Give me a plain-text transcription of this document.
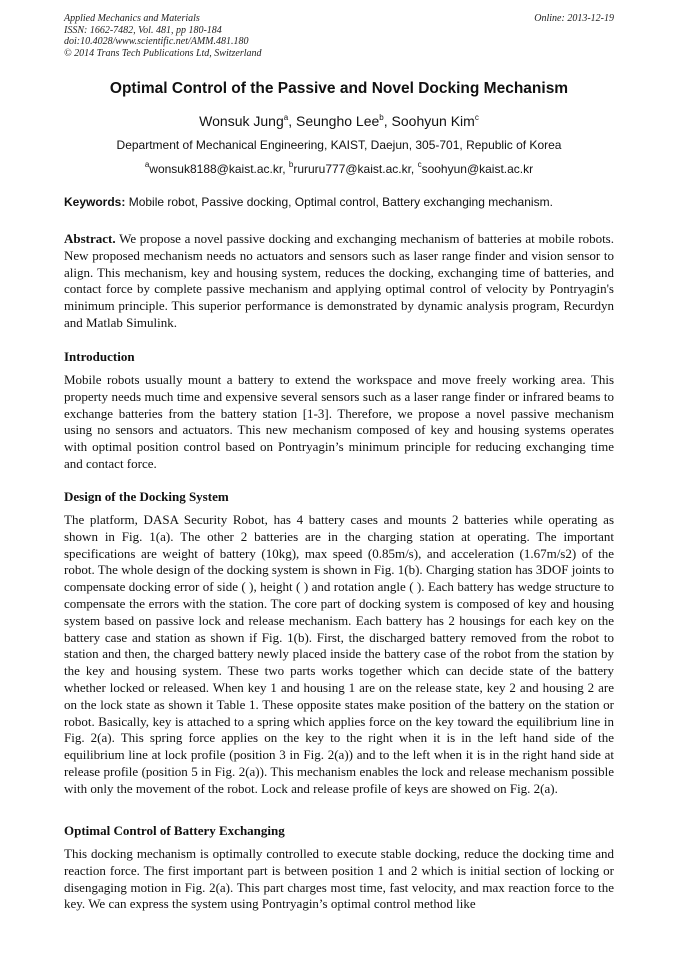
Applied Mechanics and Materials
ISSN: 1662-7482, Vol. 481, pp 180-184
doi:10.4028/www.scientific.net/AMM.481.180
© 2014 Trans Tech Publications Ltd, Switzerland
Online: 2013-12-19
Optimal Control of the Passive and Novel Docking Mechanism
Wonsuk Jung$^a$, Seungho Lee$^b$, Soohyun Kim$^c$
Department of Mechanical Engineering, KAIST, Daejun, 305-701, Republic of Korea
$^a$wonsuk8188@kaist.ac.kr, $^b$rururu777@kaist.ac.kr, $^c$soohyun@kaist.ac.kr
Keywords: Mobile robot, Passive docking, Optimal control, Battery exchanging mechanism.

Abstract. We propose a novel passive docking and exchanging mechanism of batteries at mobile robots. New proposed mechanism needs no actuators and sensors such as laser range finder and vision sensor to align. This mechanism, key and housing system, reduces the docking, exchanging time of batteries, and contact force by complete passive mechanism and applying optimal control of velocity by Pontryagin's minimum principle. This superior performance is demonstrated by dynamic analysis program, Recurdyn and Matlab Simulink.

Introduction

Mobile robots usually mount a battery to extend the workspace and move freely working area. This property needs much time and expensive several sensors such as a laser range finder or infrared beams to exchange batteries from the battery station [1-3]. Therefore, we propose a novel passive mechanism using no sensors and actuators. This new mechanism composed of key and housing systems operates with optimal position control based on Pontryagin’s minimum principle for reducing exchanging time and contact force.

Design of the Docking System

The platform, DASA Security Robot, has 4 battery cases and mounts 2 batteries while operating as shown in Fig. 1(a). The other 2 batteries are in the charging station at operating. The important specifications are weight of battery (10kg), max speed (0.85m/s), and acceleration (1.67m/s2) of the robot. The whole design of the docking system is shown in Fig. 1(b). Charging station has 3DOF joints to compensate docking error of side ( ), height ( ) and rotation angle ( ). Each battery has wedge structure to compensate the errors with the station. The core part of docking system is composed of key and housing system based on passive lock and release mechanism. Each battery has 2 housings for each key on the battery case and station as shown if Fig. 1(b). First, the discharged battery removed from the robot to station and then, the charged battery newly placed inside the battery case of the robot from the station by the key and housing system. These two parts works together which can decide state of the battery whether locked or released. When key 1 and housing 1 are on the release state, key 2 and housing 2 are on the lock state as shown it Table 1. These opposite states make position of the battery on the station or robot. Basically, key is attached to a spring which applies force on the key toward the equilibrium line in Fig. 2(a). This spring force applies on the key to the right when it is in the left hand side of the equilibrium line at lock profile (position 3 in Fig. 2(a)) and to the left when it is in the right hand side at release profile (position 5 in Fig. 2(a)). This mechanism enables the lock and release mechanism possible with only the movement of the robot. Lock and release profile of keys are showed on Fig. 2(a).

Optimal Control of Battery Exchanging

This docking mechanism is optimally controlled to execute stable docking, reduce the docking time and reaction force. The first important part is between position 1 and 2 which is initial section of locking or disengaging motion in Fig. 2(a). This part charges most time, fast velocity, and max reaction force to the key. We can express the system using Pontryagin’s optimal control method like
